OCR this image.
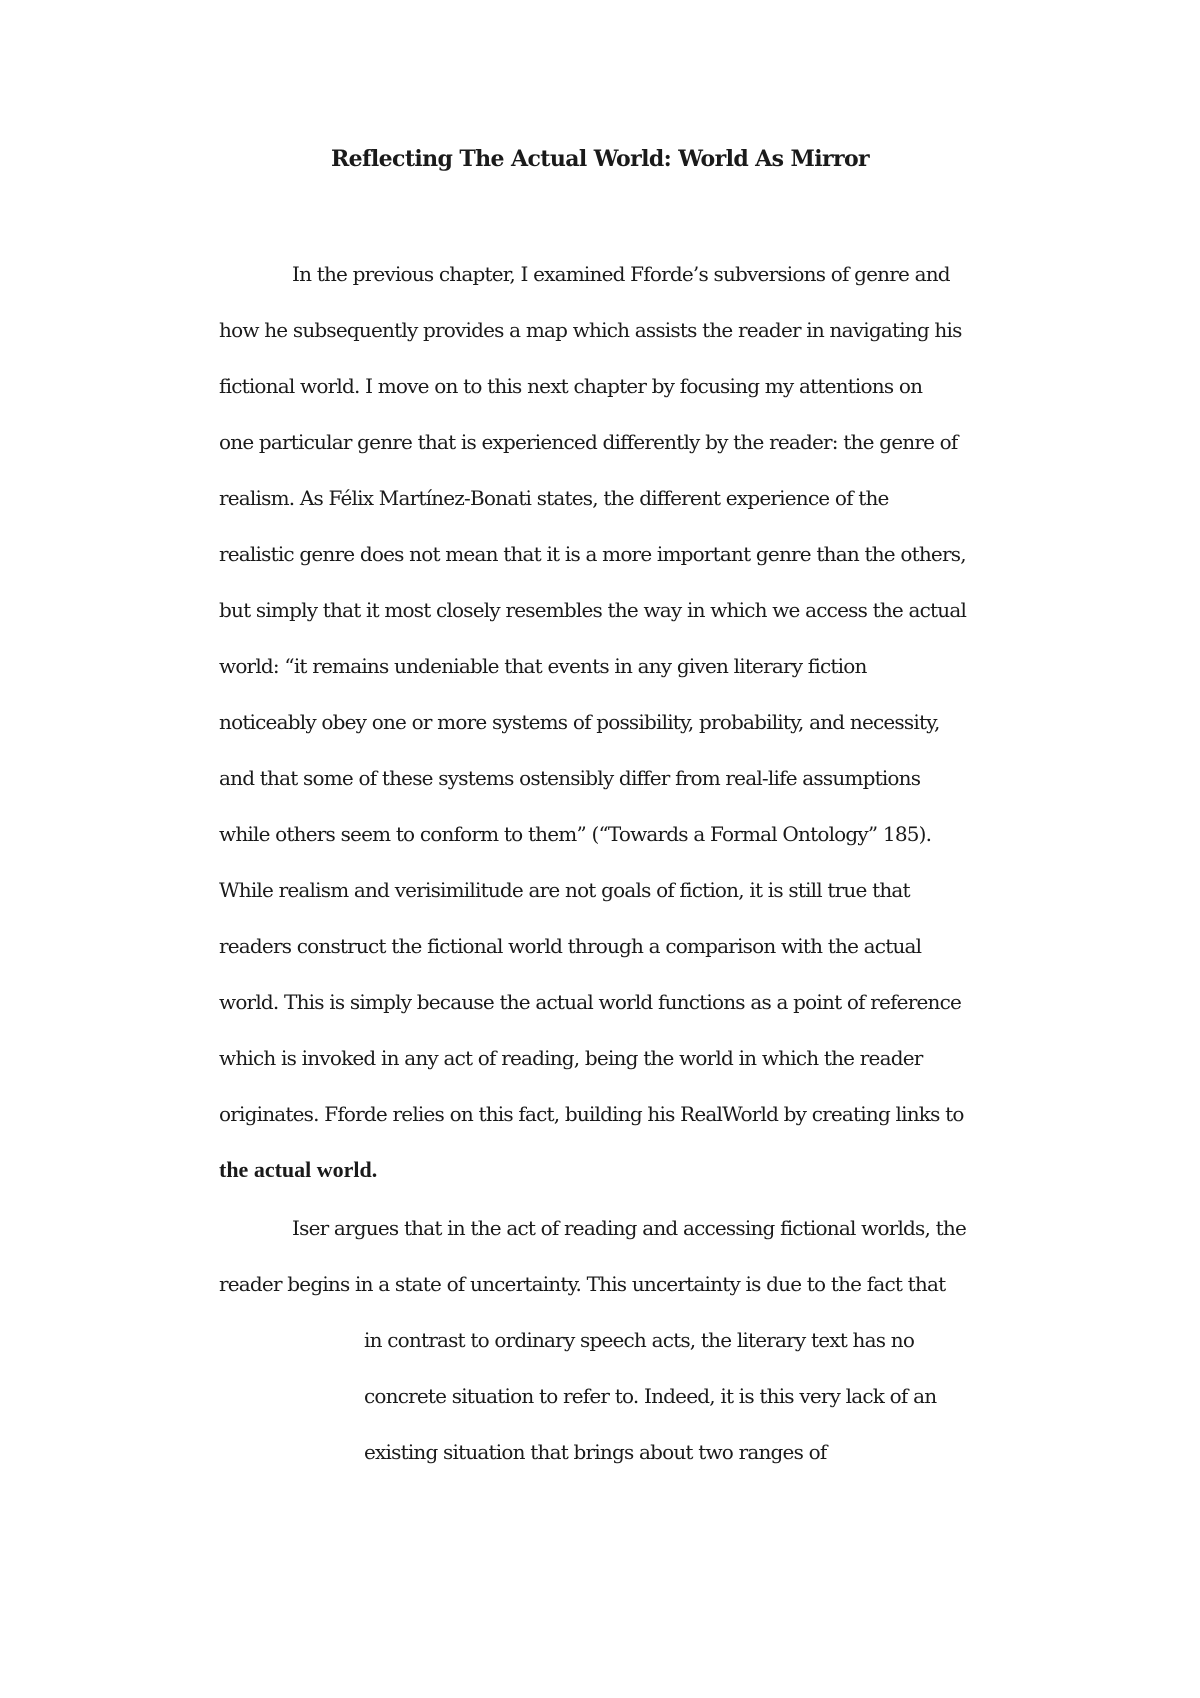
Reflecting The Actual World: World As Mirror

In the previous chapter, I examined Fforde’s subversions of genre and

how he subsequently provides a map which assists the reader in navigating his

fictional world. I move on to this next chapter by focusing my attentions on

one particular genre that is experienced differently by the reader: the genre of

realism. As Félix Martínez-Bonati states, the different experience of the

realistic genre does not mean that it is a more important genre than the others,

but simply that it most closely resembles the way in which we access the actual

world: “it remains undeniable that events in any given literary fiction

noticeably obey one or more systems of possibility, probability, and necessity,

and that some of these systems ostensibly differ from real-life assumptions

while others seem to conform to them” (“Towards a Formal Ontology” 185).

While realism and verisimilitude are not goals of fiction, it is still true that

readers construct the fictional world through a comparison with the actual

world. This is simply because the actual world functions as a point of reference

which is invoked in any act of reading, being the world in which the reader

originates. Fforde relies on this fact, building his RealWorld by creating links to

the actual world.

Iser argues that in the act of reading and accessing fictional worlds, the

reader begins in a state of uncertainty. This uncertainty is due to the fact that

in contrast to ordinary speech acts, the literary text has no

concrete situation to refer to. Indeed, it is this very lack of an

existing situation that brings about two ranges of
